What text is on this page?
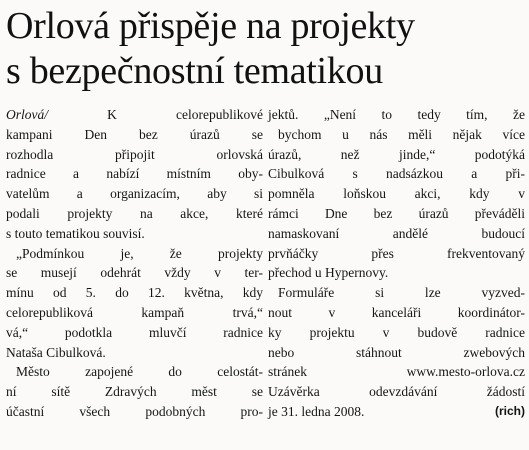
Orlová přispěje na projekty
s bezpečnostní tematikou
Orlová/	K celorepublikové
kampani Den bez úrazů se
rozhodla připojit orlovská
radnice a nabízí místním oby-
vatelům a organizacím, aby si
podali projekty na akce, které
s touto tematikou souvisí.
„Podmínkou je, že projekty
se musejí odehrát vždy v ter-
mínu od 5. do 12. května, kdy
celorepubliková kampaň trvá,“
vá,“ podotkla mluvčí radnice
Nataša Cibulková.
Město zapojené do celostát-
ní sítě Zdravých měst se
účastní všech podobných pro-
jektů. „Není to tedy tím, že
bychom u nás měli nějak více
úrazů, než jinde,“ podotýká
Cibulková s nadsázkou a při-
pomněla loňskou akci, kdy v
rámci Dne bez úrazů převáděli
namaskovaní andělé budoucí
prvňáčky přes frekventovaný
přechod u Hypernovy.
Formuláře si lze vyzved-
nout v kanceláři koordinátor-
ky projektu v budově radnice
nebo stáhnout zwebových
stránek www.mesto-orlova.cz
Uzávěrka odevzdávání žádostí
je 31. ledna 2008.	(rich)
